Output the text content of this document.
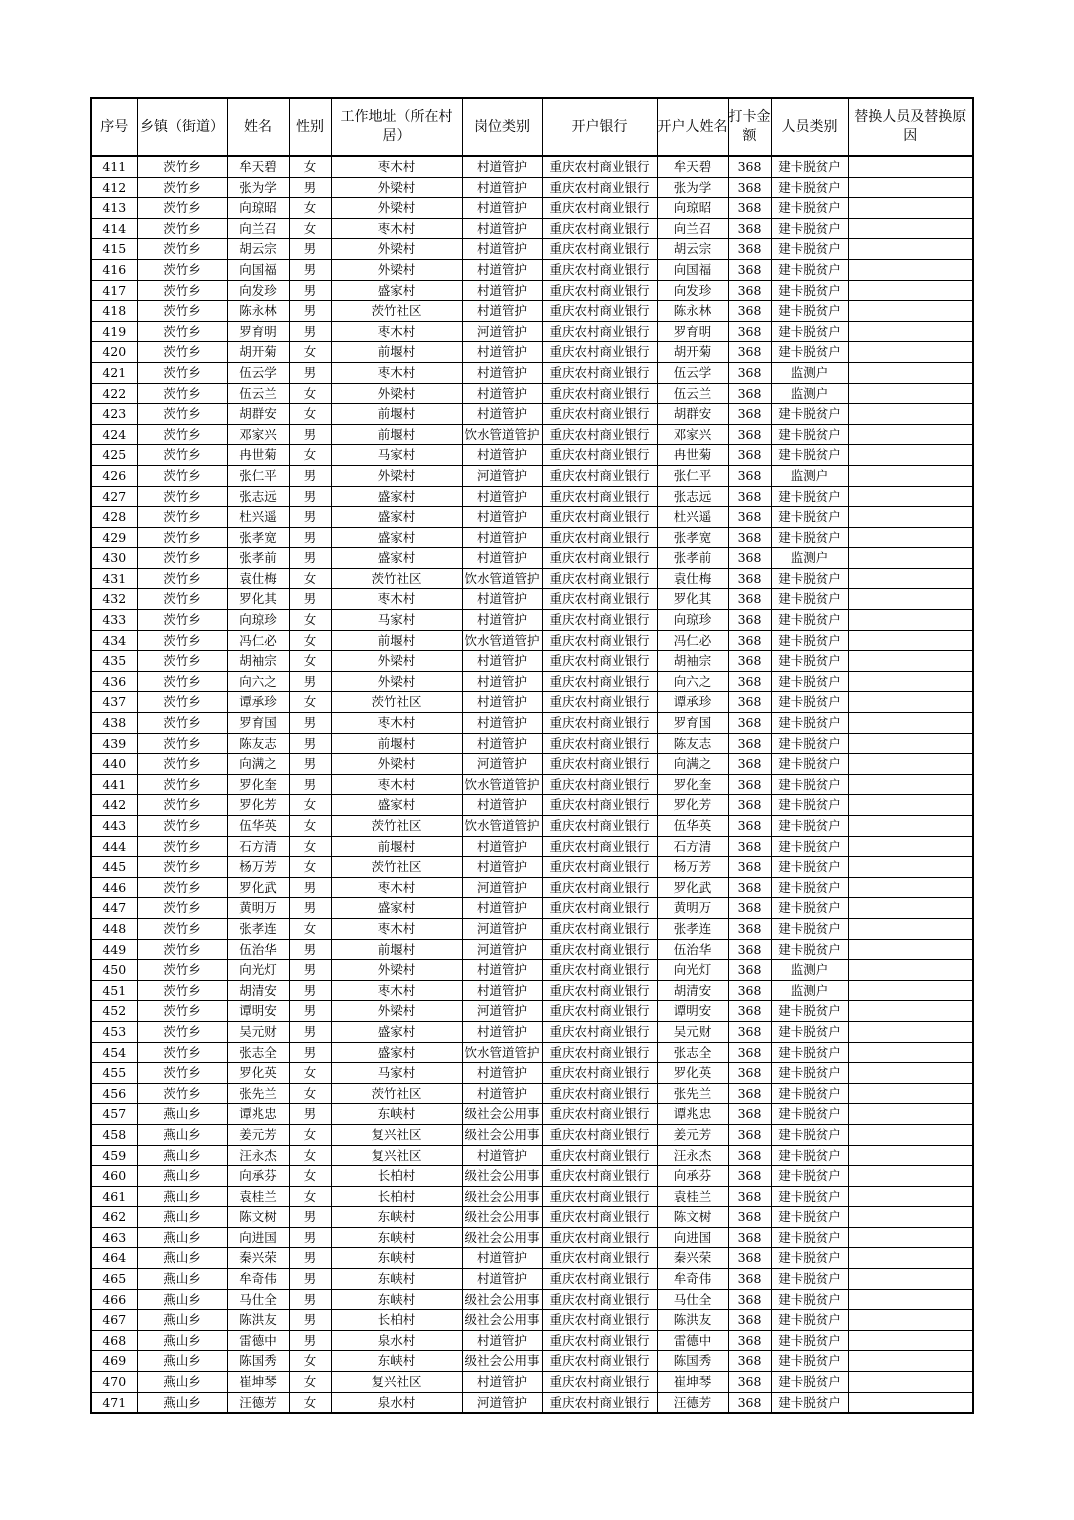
序号	乡镇（街道）	姓名	性别	工作地址（所在村居）	岗位类别	开户银行	开户人姓名	打卡金额	人员类别	替换人员及替换原因
411	茨竹乡	牟天碧	女	枣木村	村道管护	重庆农村商业银行	牟天碧	368	建卡脱贫户	
412	茨竹乡	张为学	男	外梁村	村道管护	重庆农村商业银行	张为学	368	建卡脱贫户	
413	茨竹乡	向琼昭	女	外梁村	村道管护	重庆农村商业银行	向琼昭	368	建卡脱贫户	
414	茨竹乡	向兰召	女	枣木村	村道管护	重庆农村商业银行	向兰召	368	建卡脱贫户	
415	茨竹乡	胡云宗	男	外梁村	村道管护	重庆农村商业银行	胡云宗	368	建卡脱贫户	
416	茨竹乡	向国福	男	外梁村	村道管护	重庆农村商业银行	向国福	368	建卡脱贫户	
417	茨竹乡	向发珍	男	盛家村	村道管护	重庆农村商业银行	向发珍	368	建卡脱贫户	
418	茨竹乡	陈永林	男	茨竹社区	村道管护	重庆农村商业银行	陈永林	368	建卡脱贫户	
419	茨竹乡	罗育明	男	枣木村	河道管护	重庆农村商业银行	罗育明	368	建卡脱贫户	
420	茨竹乡	胡开菊	女	前堰村	村道管护	重庆农村商业银行	胡开菊	368	建卡脱贫户	
421	茨竹乡	伍云学	男	枣木村	村道管护	重庆农村商业银行	伍云学	368	监测户	
422	茨竹乡	伍云兰	女	外梁村	村道管护	重庆农村商业银行	伍云兰	368	监测户	
423	茨竹乡	胡群安	女	前堰村	村道管护	重庆农村商业银行	胡群安	368	建卡脱贫户	
424	茨竹乡	邓家兴	男	前堰村	饮水管道管护	重庆农村商业银行	邓家兴	368	建卡脱贫户	
425	茨竹乡	冉世菊	女	马家村	村道管护	重庆农村商业银行	冉世菊	368	建卡脱贫户	
426	茨竹乡	张仁平	男	外梁村	河道管护	重庆农村商业银行	张仁平	368	监测户	
427	茨竹乡	张志远	男	盛家村	村道管护	重庆农村商业银行	张志远	368	建卡脱贫户	
428	茨竹乡	杜兴遥	男	盛家村	村道管护	重庆农村商业银行	杜兴遥	368	建卡脱贫户	
429	茨竹乡	张孝宽	男	盛家村	村道管护	重庆农村商业银行	张孝宽	368	建卡脱贫户	
430	茨竹乡	张孝前	男	盛家村	村道管护	重庆农村商业银行	张孝前	368	监测户	
431	茨竹乡	袁仕梅	女	茨竹社区	饮水管道管护	重庆农村商业银行	袁仕梅	368	建卡脱贫户	
432	茨竹乡	罗化其	男	枣木村	村道管护	重庆农村商业银行	罗化其	368	建卡脱贫户	
433	茨竹乡	向琼珍	女	马家村	村道管护	重庆农村商业银行	向琼珍	368	建卡脱贫户	
434	茨竹乡	冯仁必	女	前堰村	饮水管道管护	重庆农村商业银行	冯仁必	368	建卡脱贫户	
435	茨竹乡	胡袖宗	女	外梁村	村道管护	重庆农村商业银行	胡袖宗	368	建卡脱贫户	
436	茨竹乡	向六之	男	外梁村	村道管护	重庆农村商业银行	向六之	368	建卡脱贫户	
437	茨竹乡	谭承珍	女	茨竹社区	村道管护	重庆农村商业银行	谭承珍	368	建卡脱贫户	
438	茨竹乡	罗育国	男	枣木村	村道管护	重庆农村商业银行	罗育国	368	建卡脱贫户	
439	茨竹乡	陈友志	男	前堰村	村道管护	重庆农村商业银行	陈友志	368	建卡脱贫户	
440	茨竹乡	向满之	男	外梁村	河道管护	重庆农村商业银行	向满之	368	建卡脱贫户	
441	茨竹乡	罗化奎	男	枣木村	饮水管道管护	重庆农村商业银行	罗化奎	368	建卡脱贫户	
442	茨竹乡	罗化芳	女	盛家村	村道管护	重庆农村商业银行	罗化芳	368	建卡脱贫户	
443	茨竹乡	伍华英	女	茨竹社区	饮水管道管护	重庆农村商业银行	伍华英	368	建卡脱贫户	
444	茨竹乡	石方清	女	前堰村	村道管护	重庆农村商业银行	石方清	368	建卡脱贫户	
445	茨竹乡	杨万芳	女	茨竹社区	村道管护	重庆农村商业银行	杨万芳	368	建卡脱贫户	
446	茨竹乡	罗化武	男	枣木村	河道管护	重庆农村商业银行	罗化武	368	建卡脱贫户	
447	茨竹乡	黄明万	男	盛家村	村道管护	重庆农村商业银行	黄明万	368	建卡脱贫户	
448	茨竹乡	张孝连	女	枣木村	河道管护	重庆农村商业银行	张孝连	368	建卡脱贫户	
449	茨竹乡	伍治华	男	前堰村	河道管护	重庆农村商业银行	伍治华	368	建卡脱贫户	
450	茨竹乡	向光灯	男	外梁村	村道管护	重庆农村商业银行	向光灯	368	监测户	
451	茨竹乡	胡清安	男	枣木村	村道管护	重庆农村商业银行	胡清安	368	监测户	
452	茨竹乡	谭明安	男	外梁村	河道管护	重庆农村商业银行	谭明安	368	建卡脱贫户	
453	茨竹乡	吴元财	男	盛家村	村道管护	重庆农村商业银行	吴元财	368	建卡脱贫户	
454	茨竹乡	张志全	男	盛家村	饮水管道管护	重庆农村商业银行	张志全	368	建卡脱贫户	
455	茨竹乡	罗化英	女	马家村	村道管护	重庆农村商业银行	罗化英	368	建卡脱贫户	
456	茨竹乡	张先兰	女	茨竹社区	村道管护	重庆农村商业银行	张先兰	368	建卡脱贫户	
457	燕山乡	谭兆忠	男	东峡村	级社会公用事	重庆农村商业银行	谭兆忠	368	建卡脱贫户	
458	燕山乡	姜元芳	女	复兴社区	级社会公用事	重庆农村商业银行	姜元芳	368	建卡脱贫户	
459	燕山乡	汪永杰	女	复兴社区	村道管护	重庆农村商业银行	汪永杰	368	建卡脱贫户	
460	燕山乡	向承芬	女	长柏村	级社会公用事	重庆农村商业银行	向承芬	368	建卡脱贫户	
461	燕山乡	袁桂兰	女	长柏村	级社会公用事	重庆农村商业银行	袁桂兰	368	建卡脱贫户	
462	燕山乡	陈文树	男	东峡村	级社会公用事	重庆农村商业银行	陈文树	368	建卡脱贫户	
463	燕山乡	向进国	男	东峡村	级社会公用事	重庆农村商业银行	向进国	368	建卡脱贫户	
464	燕山乡	秦兴荣	男	东峡村	村道管护	重庆农村商业银行	秦兴荣	368	建卡脱贫户	
465	燕山乡	牟奇伟	男	东峡村	村道管护	重庆农村商业银行	牟奇伟	368	建卡脱贫户	
466	燕山乡	马仕全	男	东峡村	级社会公用事	重庆农村商业银行	马仕全	368	建卡脱贫户	
467	燕山乡	陈洪友	男	长柏村	级社会公用事	重庆农村商业银行	陈洪友	368	建卡脱贫户	
468	燕山乡	雷德中	男	泉水村	村道管护	重庆农村商业银行	雷德中	368	建卡脱贫户	
469	燕山乡	陈国秀	女	东峡村	级社会公用事	重庆农村商业银行	陈国秀	368	建卡脱贫户	
470	燕山乡	崔坤琴	女	复兴社区	村道管护	重庆农村商业银行	崔坤琴	368	建卡脱贫户	
471	燕山乡	汪德芳	女	泉水村	河道管护	重庆农村商业银行	汪德芳	368	建卡脱贫户	
